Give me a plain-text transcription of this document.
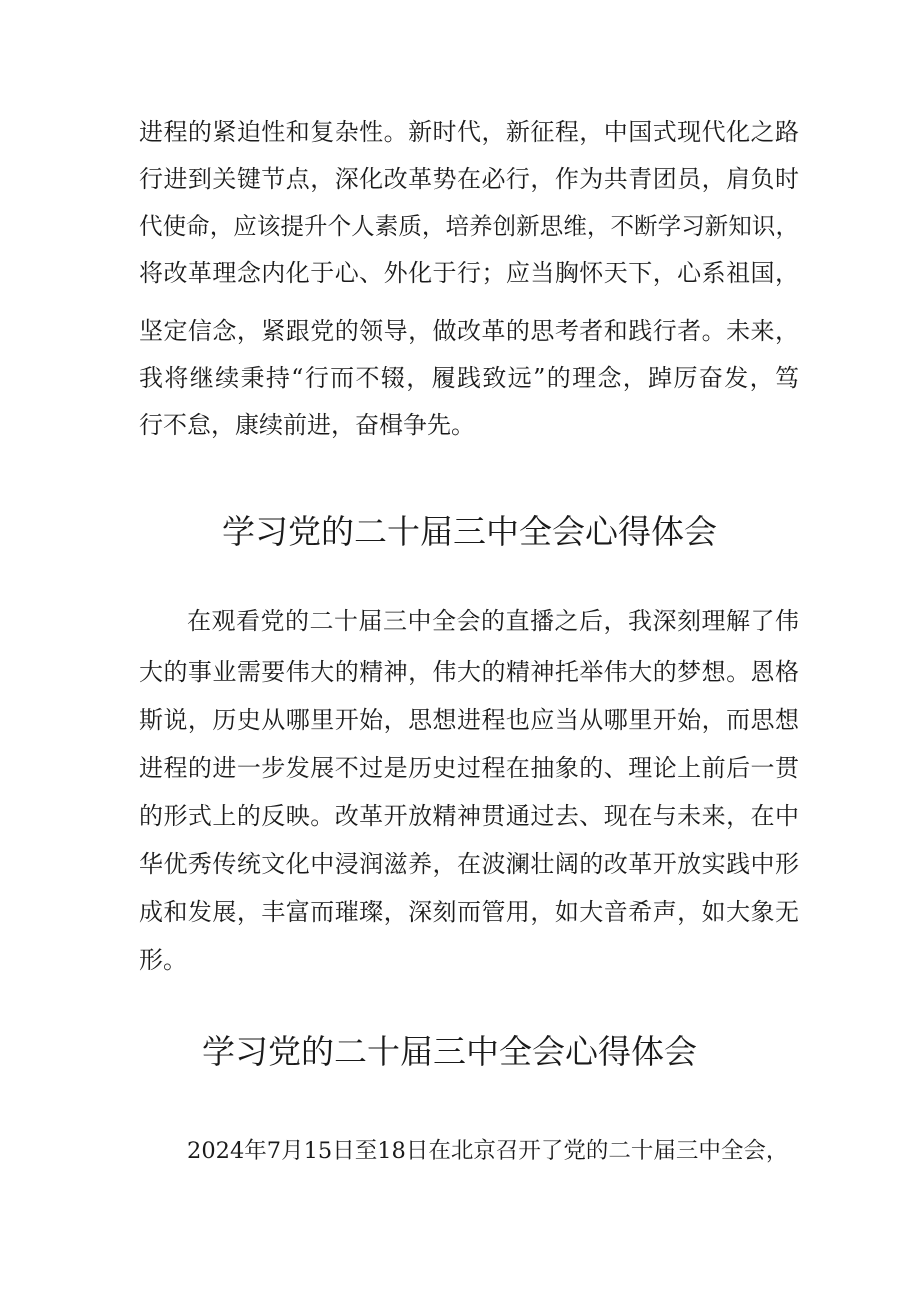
进程的紧迫性和复杂性。新时代，新征程，中国式现代化之路
行进到关键节点，深化改革势在必行，作为共青团员，肩负时
代使命，应该提升个人素质，培养创新思维，不断学习新知识，
将改革理念内化于心、外化于行；应当胸怀天下，心系祖国，
坚定信念，紧跟党的领导，做改革的思考者和践行者。未来，
我将继续秉持“行而不辍，履践致远”的理念，踔厉奋发，笃
行不怠，康续前进，奋楫争先。
学习党的二十届三中全会心得体会
在观看党的二十届三中全会的直播之后，我深刻理解了伟
大的事业需要伟大的精神，伟大的精神托举伟大的梦想。恩格
斯说，历史从哪里开始，思想进程也应当从哪里开始，而思想
进程的进一步发展不过是历史过程在抽象的、理论上前后一贯
的形式上的反映。改革开放精神贯通过去、现在与未来，在中
华优秀传统文化中浸润滋养，在波澜壮阔的改革开放实践中形
成和发展，丰富而璀璨，深刻而管用，如大音希声，如大象无
形。
学习党的二十届三中全会心得体会
2024年7月15日至18日在北京召开了党的二十届三中全会，
